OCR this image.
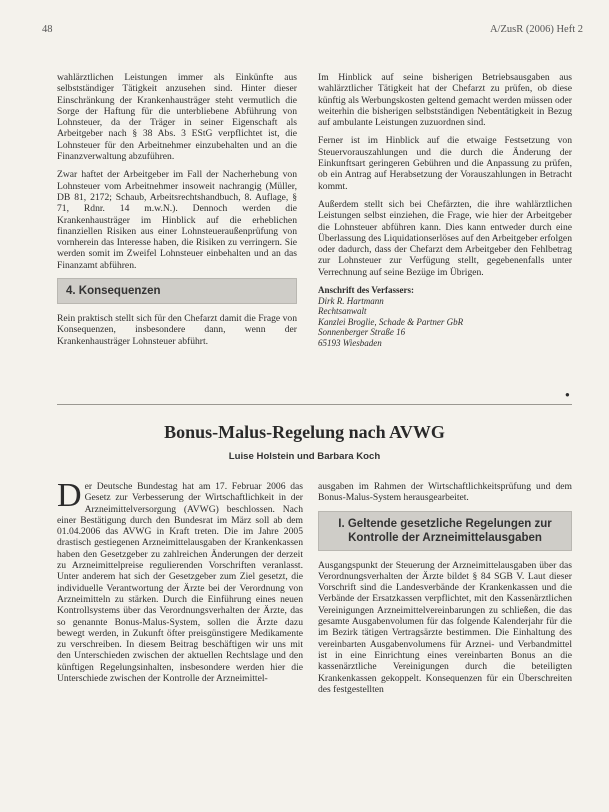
48	A/ZusR (2006) Heft 2

wahlärztlichen Leistungen immer als Einkünfte aus selbstständiger Tätigkeit anzusehen sind. Hinter dieser Einschränkung der Krankenhausträger steht vermutlich die Sorge der Haftung für die unterbliebene Abführung von Lohnsteuer, da der Träger in seiner Eigenschaft als Arbeitgeber nach § 38 Abs. 3 EStG verpflichtet ist, die Lohnsteuer für den Arbeitnehmer einzubehalten und an die Finanzverwaltung abzuführen.

Zwar haftet der Arbeitgeber im Fall der Nacherhebung von Lohnsteuer vom Arbeitnehmer insoweit nachrangig (Müller, DB 81, 2172; Schaub, Arbeitsrechtshandbuch, 8. Auflage, § 71, Rdnr. 14 m.w.N.). Dennoch werden die Krankenhausträger im Hinblick auf die erheblichen finanziellen Risiken aus einer Lohnsteueraußenprüfung von vornherein das Interesse haben, die Risiken zu verringern. Sie werden somit im Zweifel Lohnsteuer einbehalten und an das Finanzamt abführen.

4. Konsequenzen

Rein praktisch stellt sich für den Chefarzt damit die Frage von Konsequenzen, insbesondere dann, wenn der Krankenhausträger Lohnsteuer abführt.

Im Hinblick auf seine bisherigen Betriebsausgaben aus wahlärztlicher Tätigkeit hat der Chefarzt zu prüfen, ob diese künftig als Werbungskosten geltend gemacht werden müssen oder weiterhin die bisherigen selbstständigen Nebentätigkeit in Bezug auf ambulante Leistungen zuzuordnen sind.

Ferner ist im Hinblick auf die etwaige Festsetzung von Steuervorauszahlungen und die durch die Änderung der Einkunftsart geringeren Gebühren und die Anpassung zu prüfen, ob ein Antrag auf Herabsetzung der Vorauszahlungen in Betracht kommt.

Außerdem stellt sich bei Chefärzten, die ihre wahlärztlichen Leistungen selbst einziehen, die Frage, wie hier der Arbeitgeber die Lohnsteuer abführen kann. Dies kann entweder durch eine Überlassung des Liquidationserlöses auf den Arbeitgeber erfolgen oder dadurch, dass der Chefarzt dem Arbeitgeber den Fehlbetrag zur Lohnsteuer zur Verfügung stellt, gegebenenfalls unter Verrechnung auf seine Bezüge im Übrigen.

Anschrift des Verfassers:
Dirk R. Hartmann
Rechtsanwalt
Kanzlei Broglie, Schade & Partner GbR
Sonnenberger Straße 16
65193 Wiesbaden
●
Bonus-Malus-Regelung nach AVWG
Luise Holstein und Barbara Koch

Der Deutsche Bundestag hat am 17. Februar 2006 das Gesetz zur Verbesserung der Wirtschaftlichkeit in der Arzneimittelversorgung (AVWG) beschlossen. Nach einer Bestätigung durch den Bundesrat im März soll ab dem 01.04.2006 das AVWG in Kraft treten. Die im Jahre 2005 drastisch gestiegenen Arzneimittelausgaben der Krankenkassen haben den Gesetzgeber zu zahlreichen Änderungen der derzeit zu Arzneimittelpreise regulierenden Vorschriften veranlasst. Unter anderem hat sich der Gesetzgeber zum Ziel gesetzt, die individuelle Verantwortung der Ärzte bei der Verordnung von Arzneimitteln zu stärken. Durch die Einführung eines neuen Kontrollsystems über das Verordnungsverhalten der Ärzte, das so genannte Bonus-Malus-System, sollen die Ärzte dazu bewegt werden, in Zukunft öfter preisgünstigere Medikamente zu verschreiben. In diesem Beitrag beschäftigen wir uns mit den Unterschieden zwischen der aktuellen Rechtslage und den künftigen Regelungsinhalten, insbesondere werden hier die Unterschiede zwischen der Kontrolle der Arzneimittel-

ausgaben im Rahmen der Wirtschaftlichkeitsprüfung und dem Bonus-Malus-System herausgearbeitet.

I. Geltende gesetzliche Regelungen zur Kontrolle der Arzneimittelausgaben

Ausgangspunkt der Steuerung der Arzneimittelausgaben über das Verordnungsverhalten der Ärzte bildet § 84 SGB V. Laut dieser Vorschrift sind die Landesverbände der Krankenkassen und die Verbände der Ersatzkassen verpflichtet, mit den Kassenärztlichen Vereinigungen Arzneimittelvereinbarungen zu schließen, die das gesamte Ausgabenvolumen für das folgende Kalenderjahr für die im Bezirk tätigen Vertragsärzte bestimmen. Die Einhaltung des vereinbarten Ausgabenvolumens für Arznei- und Verbandmittel ist in eine Einrichtung eines vereinbarten Bonus an die kassenärztliche Vereinigungen durch die beteiligten Krankenkassen gekoppelt. Konsequenzen für ein Überschreiten des festgestellten
